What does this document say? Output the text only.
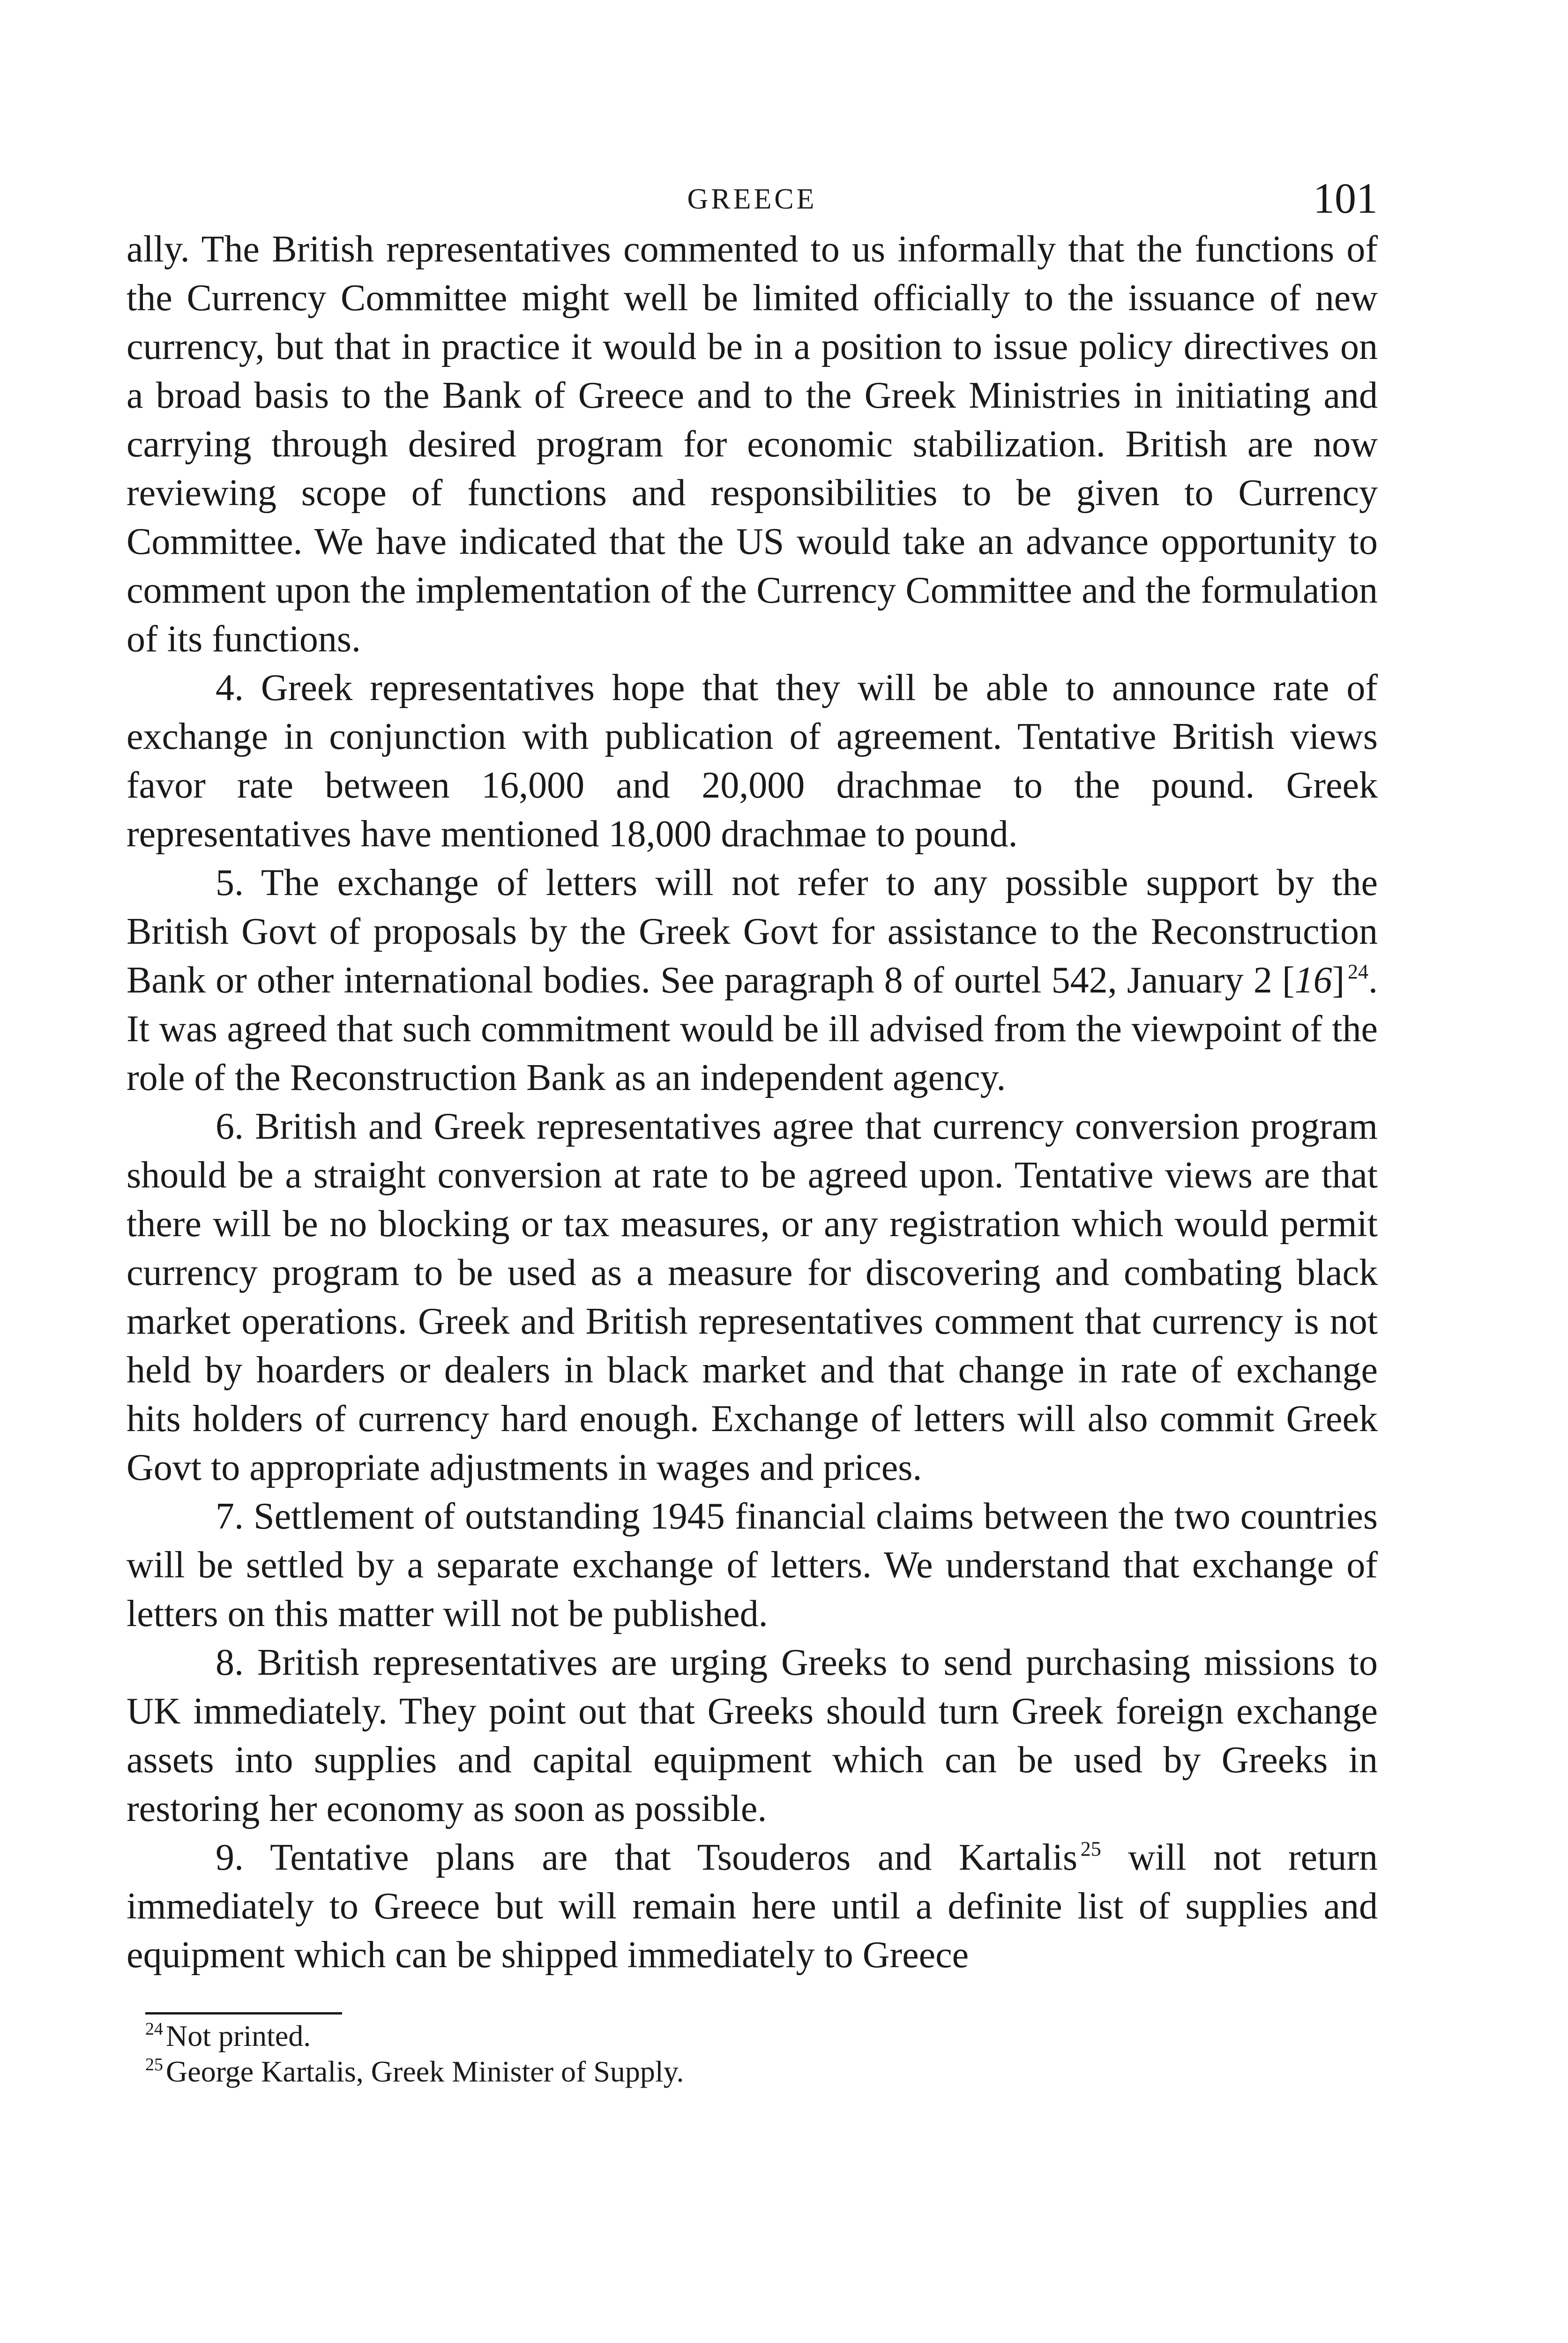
GREECE	101

ally. The British representatives commented to us informally that the functions of the Currency Committee might well be limited officially to the issuance of new currency, but that in practice it would be in a position to issue policy directives on a broad basis to the Bank of Greece and to the Greek Ministries in initiating and carrying through desired program for economic stabilization. British are now reviewing scope of functions and responsibilities to be given to Currency Committee. We have indicated that the US would take an advance opportunity to comment upon the implementation of the Currency Committee and the formulation of its functions.

4. Greek representatives hope that they will be able to announce rate of exchange in conjunction with publication of agreement. Tentative British views favor rate between 16,000 and 20,000 drachmae to the pound. Greek representatives have mentioned 18,000 drachmae to pound.

5. The exchange of letters will not refer to any possible support by the British Govt of proposals by the Greek Govt for assistance to the Reconstruction Bank or other international bodies. See paragraph 8 of ourtel 542, January 2 [16]  $^{24}$. It was agreed that such commitment would be ill advised from the viewpoint of the role of the Reconstruction Bank as an independent agency.

6. British and Greek representatives agree that currency conversion program should be a straight conversion at rate to be agreed upon. Tentative views are that there will be no blocking or tax measures, or any registration which would permit currency program to be used as a measure for discovering and combating black market operations. Greek and British representatives comment that currency is not held by hoarders or dealers in black market and that change in rate of exchange hits holders of currency hard enough. Exchange of letters will also commit Greek Govt to appropriate adjustments in wages and prices.

7. Settlement of outstanding 1945 financial claims between the two countries will be settled by a separate exchange of letters. We understand that exchange of letters on this matter will not be published.

8. British representatives are urging Greeks to send purchasing missions to UK immediately. They point out that Greeks should turn Greek foreign exchange assets into supplies and capital equipment which can be used by Greeks in restoring her economy as soon as possible.

9. Tentative plans are that Tsouderos and Kartalis  $^{25}$ will not return immediately to Greece but will remain here until a definite list of supplies and equipment which can be shipped immediately to Greece

$^{24}$Not printed.

$^{25}$George Kartalis, Greek Minister of Supply.
